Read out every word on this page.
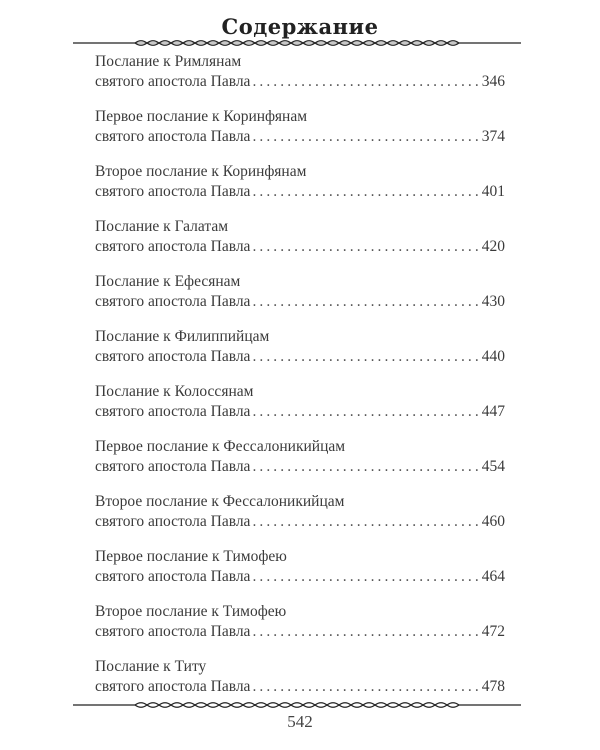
Содержание
Послание к Римлянам
святого апостола Павла . . .	346
Первое послание к Коринфянам
святого апостола Павла . . .	374
Второе послание к Коринфянам
святого апостола Павла . . .	401
Послание к Галатам
святого апостола Павла . . .	420
Послание к Ефесянам
святого апостола Павла . . .	430
Послание к Филиппийцам
святого апостола Павла . . .	440
Послание к Колоссянам
святого апостола Павла . . .	447
Первое послание к Фессалоникийцам
святого апостола Павла . . .	454
Второе послание к Фессалоникийцам
святого апостола Павла . . .	460
Первое послание к Тимофею
святого апостола Павла . . .	464
Второе послание к Тимофею
святого апостола Павла . . .	472
Послание к Титу
святого апостола Павла . . .	478
542
